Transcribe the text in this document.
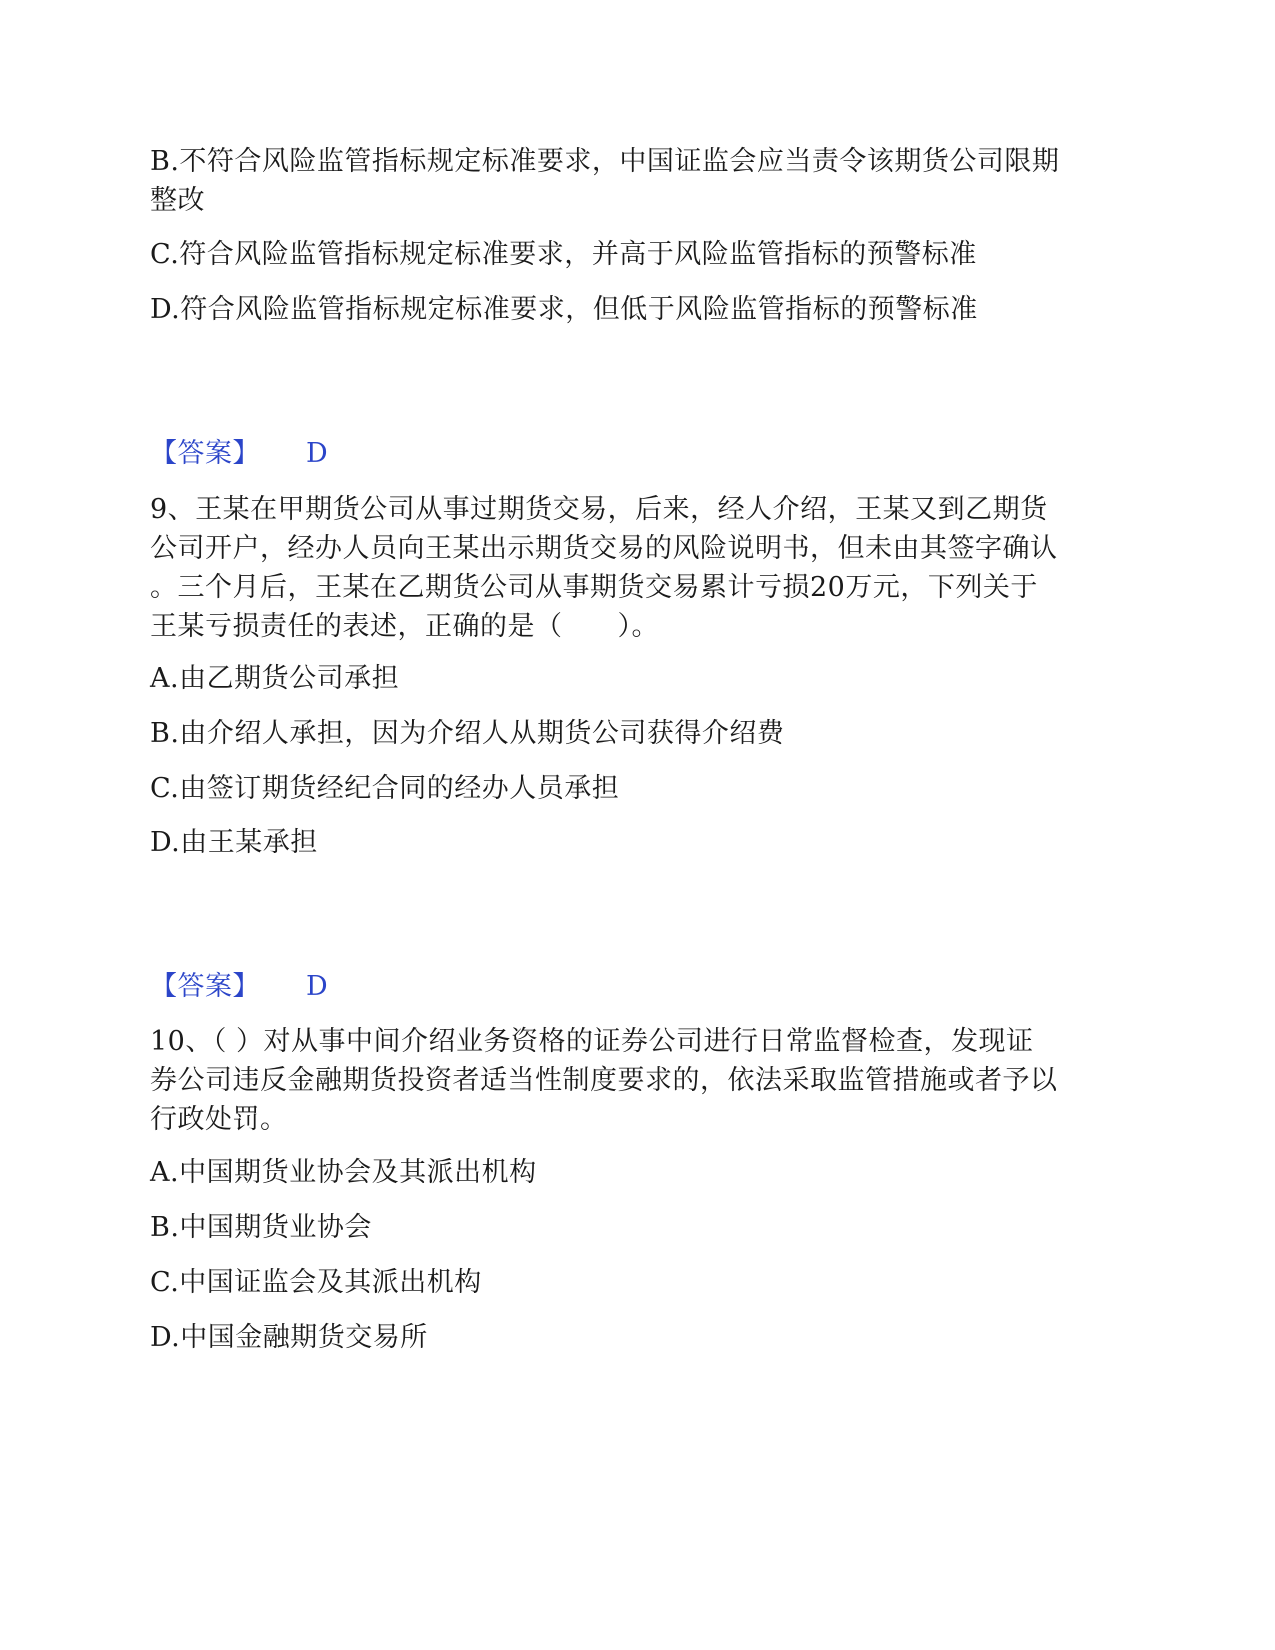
B.不符合风险监管指标规定标准要求，中国证监会应当责令该期货公司限期
整改
C.符合风险监管指标规定标准要求，并高于风险监管指标的预警标准
D.符合风险监管指标规定标准要求，但低于风险监管指标的预警标准
【答案】 D
9、王某在甲期货公司从事过期货交易，后来，经人介绍，王某又到乙期货
公司开户，经办人员向王某出示期货交易的风险说明书，但未由其签字确认
。三个月后，王某在乙期货公司从事期货交易累计亏损20万元，下列关于
王某亏损责任的表述，正确的是（　　）。
A.由乙期货公司承担
B.由介绍人承担，因为介绍人从期货公司获得介绍费
C.由签订期货经纪合同的经办人员承担
D.由王某承担
【答案】 D
10、（ ）对从事中间介绍业务资格的证券公司进行日常监督检查，发现证
券公司违反金融期货投资者适当性制度要求的，依法采取监管措施或者予以
行政处罚。
A.中国期货业协会及其派出机构
B.中国期货业协会
C.中国证监会及其派出机构
D.中国金融期货交易所
